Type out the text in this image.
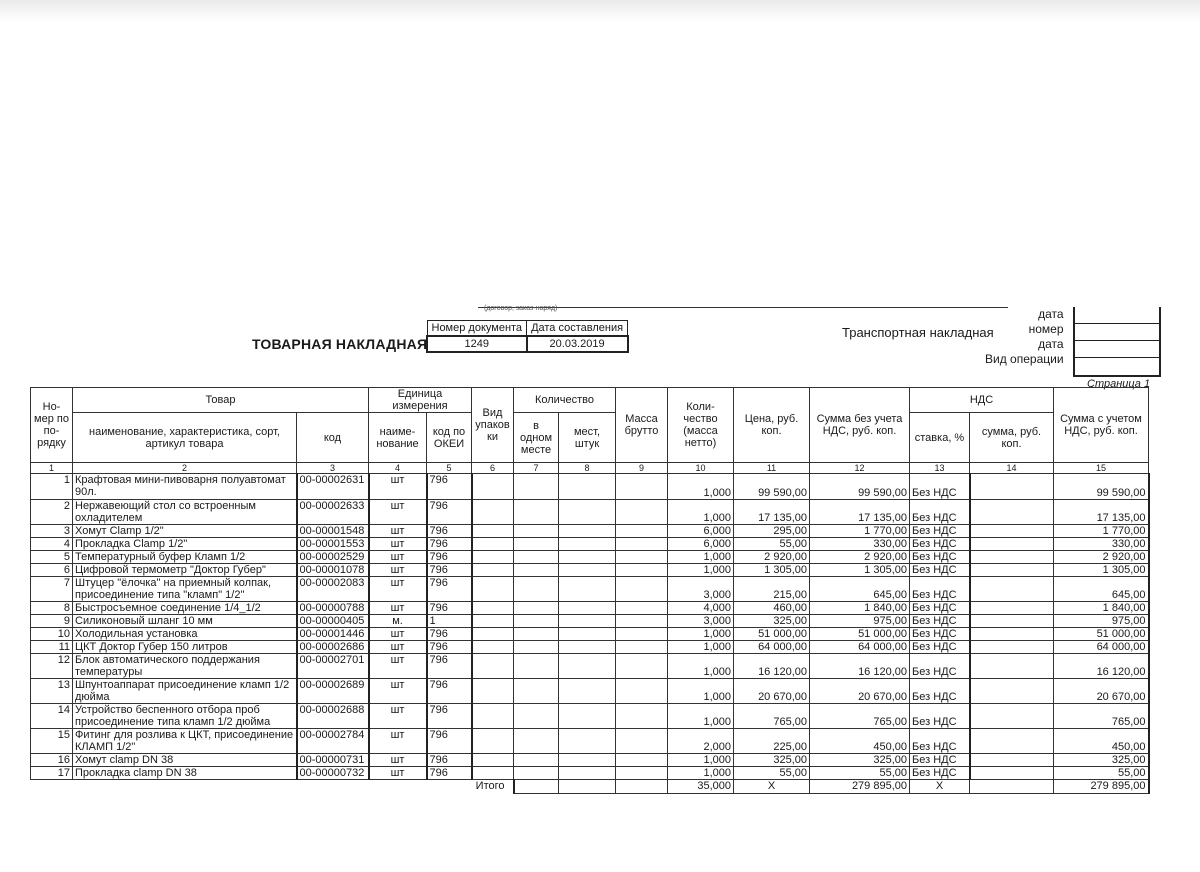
(договор, заказ-наряд)
ТОВАРНАЯ НАКЛАДНАЯ
Номер документа	Дата составления
1249	20.03.2019
Транспортная накладная
дата
номер
дата
Вид операции
Страница 1
Но-мер по по-рядку	Товар		Единица измерения		Вид упаков ки	Количество		Масса брутто	Коли-чество (масса нетто)	Цена, руб. коп.	Сумма без учета НДС, руб. коп.	НДС		Сумма с учетом НДС, руб. коп.
	наименование, характеристика, сорт, артикул товара	код	наиме-нование	код по ОКЕИ		в одном месте	мест, штук					ставка, %	сумма, руб. коп.	
1	2	3	4	5	6	7	8	9	10	11	12	13	14	15
1	Крафтовая мини-пивоварня полуавтомат 90л.	00-00002631	шт	796					1,000	99 590,00	99 590,00	Без НДС		99 590,00
2	Нержавеющий стол со встроенным охладителем	00-00002633	шт	796					1,000	17 135,00	17 135,00	Без НДС		17 135,00
3	Хомут Clamp 1/2"	00-00001548	шт	796					6,000	295,00	1 770,00	Без НДС		1 770,00
4	Прокладка Clamp 1/2"	00-00001553	шт	796					6,000	55,00	330,00	Без НДС		330,00
5	Температурный буфер Кламп 1/2	00-00002529	шт	796					1,000	2 920,00	2 920,00	Без НДС		2 920,00
6	Цифровой термометр "Доктор Губер"	00-00001078	шт	796					1,000	1 305,00	1 305,00	Без НДС		1 305,00
7	Штуцер "ёлочка" на приемный колпак, присоединение типа "кламп" 1/2"	00-00002083	шт	796					3,000	215,00	645,00	Без НДС		645,00
8	Быстросъемное соединение 1/4_1/2	00-00000788	шт	796					4,000	460,00	1 840,00	Без НДС		1 840,00
9	Силиконовый шланг 10 мм	00-00000405	м.	1					3,000	325,00	975,00	Без НДС		975,00
10	Холодильная установка	00-00001446	шт	796					1,000	51 000,00	51 000,00	Без НДС		51 000,00
11	ЦКТ Доктор Губер 150 литров	00-00002686	шт	796					1,000	64 000,00	64 000,00	Без НДС		64 000,00
12	Блок автоматического поддержания температуры	00-00002701	шт	796					1,000	16 120,00	16 120,00	Без НДС		16 120,00
13	Шпунтоаппарат присоединение кламп 1/2 дюйма	00-00002689	шт	796					1,000	20 670,00	20 670,00	Без НДС		20 670,00
14	Устройство беспенного отбора проб присоединение типа кламп 1/2 дюйма	00-00002688	шт	796					1,000	765,00	765,00	Без НДС		765,00
15	Фитинг для розлива к ЦКТ, присоединение КЛАМП 1/2"	00-00002784	шт	796					2,000	225,00	450,00	Без НДС		450,00
16	Хомут clamp DN 38	00-00000731	шт	796					1,000	325,00	325,00	Без НДС		325,00
17	Прокладка clamp DN 38	00-00000732	шт	796					1,000	55,00	55,00	Без НДС		55,00
Итого									35,000	X	279 895,00	X		279 895,00
